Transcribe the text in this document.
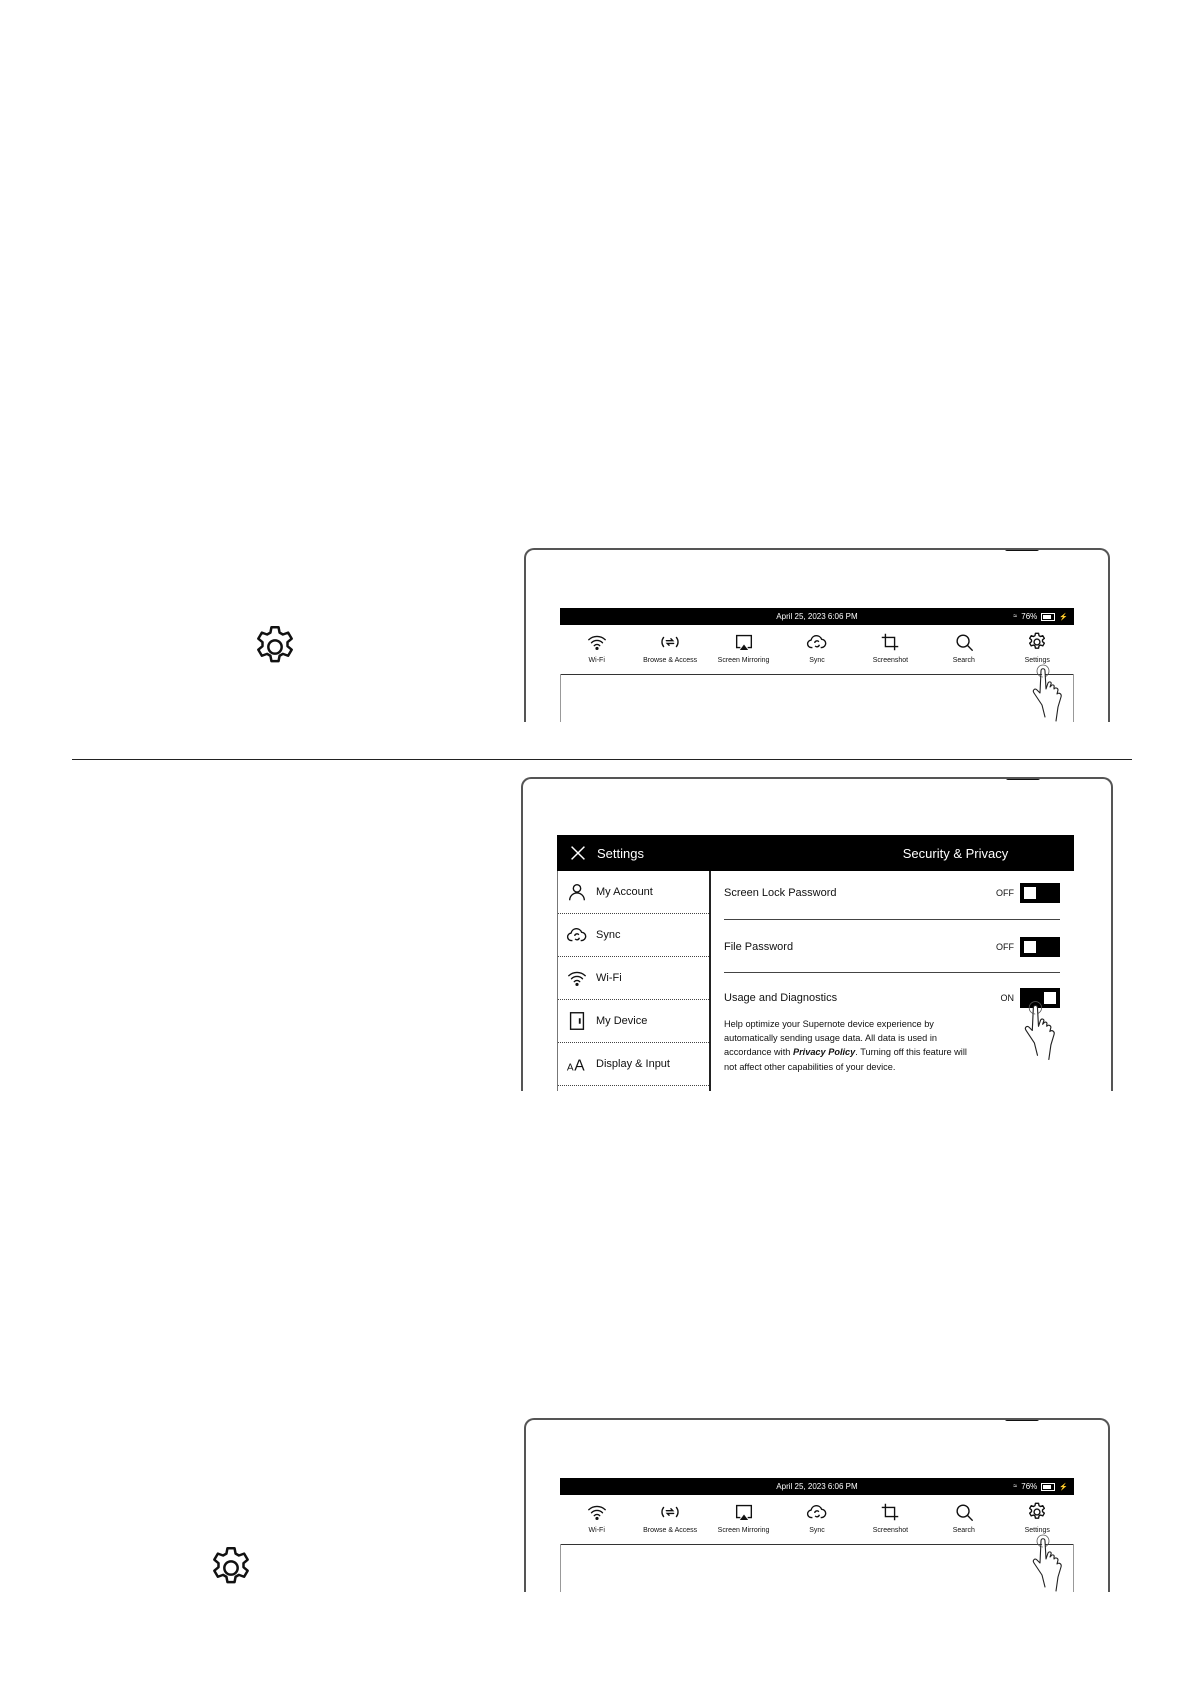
April 25, 2023 6:06 PM	≈ 76%	⚡
Wi-Fi	Browse & Access	Screen Mirroring	Sync	Screenshot	Search	Settings
Settings	Security & Privacy
My Account
Sync
Wi-Fi
My Device
A A Display & Input
Screen Lock Password	OFF
File Password	OFF
Usage and Diagnostics	ON
Help optimize your Supernote device experience by automatically sending usage data. All data is used in accordance with Privacy Policy. Turning off this feature will not affect other capabilities of your device.
April 25, 2023 6:06 PM	≈ 76%	⚡
Wi-Fi	Browse & Access	Screen Mirroring	Sync	Screenshot	Search	Settings
